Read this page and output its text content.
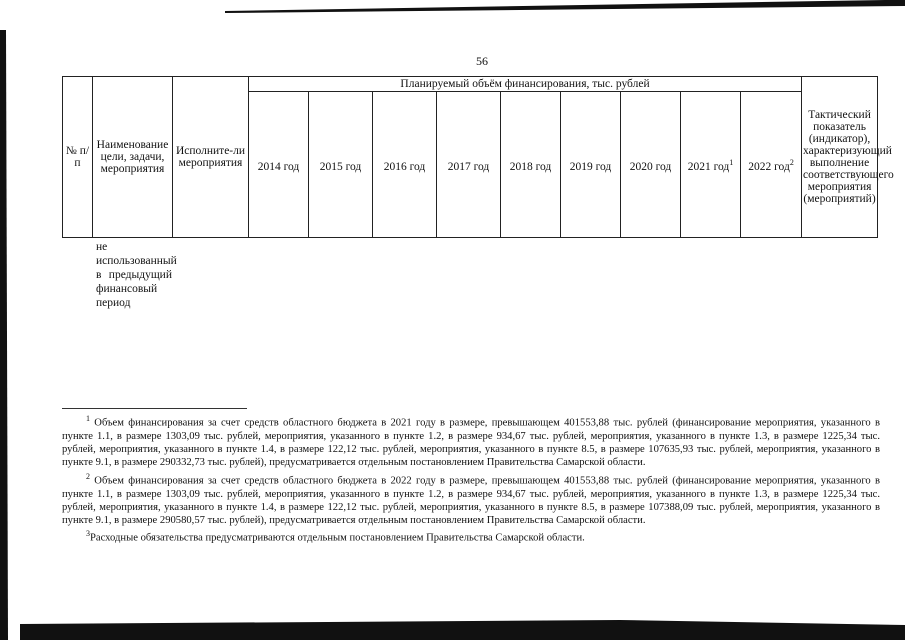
56
№ п/п	Наименование цели, задачи, мероприятия	Исполните-ли мероприятия	Планируемый объём финансирования, тыс. рублей									Тактический показатель (индикатор), характеризующий выполнение соответствующего мероприятия (мероприятий)
			2014 год	2015 год	2016 год	2017 год	2018 год	2019 год	2020 год	2021 год$^1$	2022 год$^2$
не использованный в предыдущий финансовый период

$^1$ Объем финансирования за счет средств областного бюджета в 2021 году в размере, превышающем 401553,88 тыс. рублей (финансирование мероприятия, указанного в пункте 1.1, в размере 1303,09 тыс. рублей, мероприятия, указанного в пункте 1.2, в размере 934,67 тыс. рублей, мероприятия, указанного в пункте 1.3, в размере 1225,34 тыс. рублей, мероприятия, указанного в пункте 1.4, в размере 122,12 тыс. рублей, мероприятия, указанного в пункте 8.5, в размере 107635,93 тыс. рублей, мероприятия, указанного в пункте 9.1, в размере 290332,73 тыс. рублей), предусматривается отдельным постановлением Правительства Самарской области.

$^2$ Объем финансирования за счет средств областного бюджета в 2022 году в размере, превышающем 401553,88 тыс. рублей (финансирование мероприятия, указанного в пункте 1.1, в размере 1303,09 тыс. рублей, мероприятия, указанного в пункте 1.2, в размере 934,67 тыс. рублей, мероприятия, указанного в пункте 1.3, в размере 1225,34 тыс. рублей, мероприятия, указанного в пункте 1.4, в размере 122,12 тыс. рублей, мероприятия, указанного в пункте 8.5, в размере 107388,09 тыс. рублей, мероприятия, указанного в пункте 9.1, в размере 290580,57 тыс. рублей), предусматривается отдельным постановлением Правительства Самарской области.

$^3$Расходные обязательства предусматриваются отдельным постановлением Правительства Самарской области.
